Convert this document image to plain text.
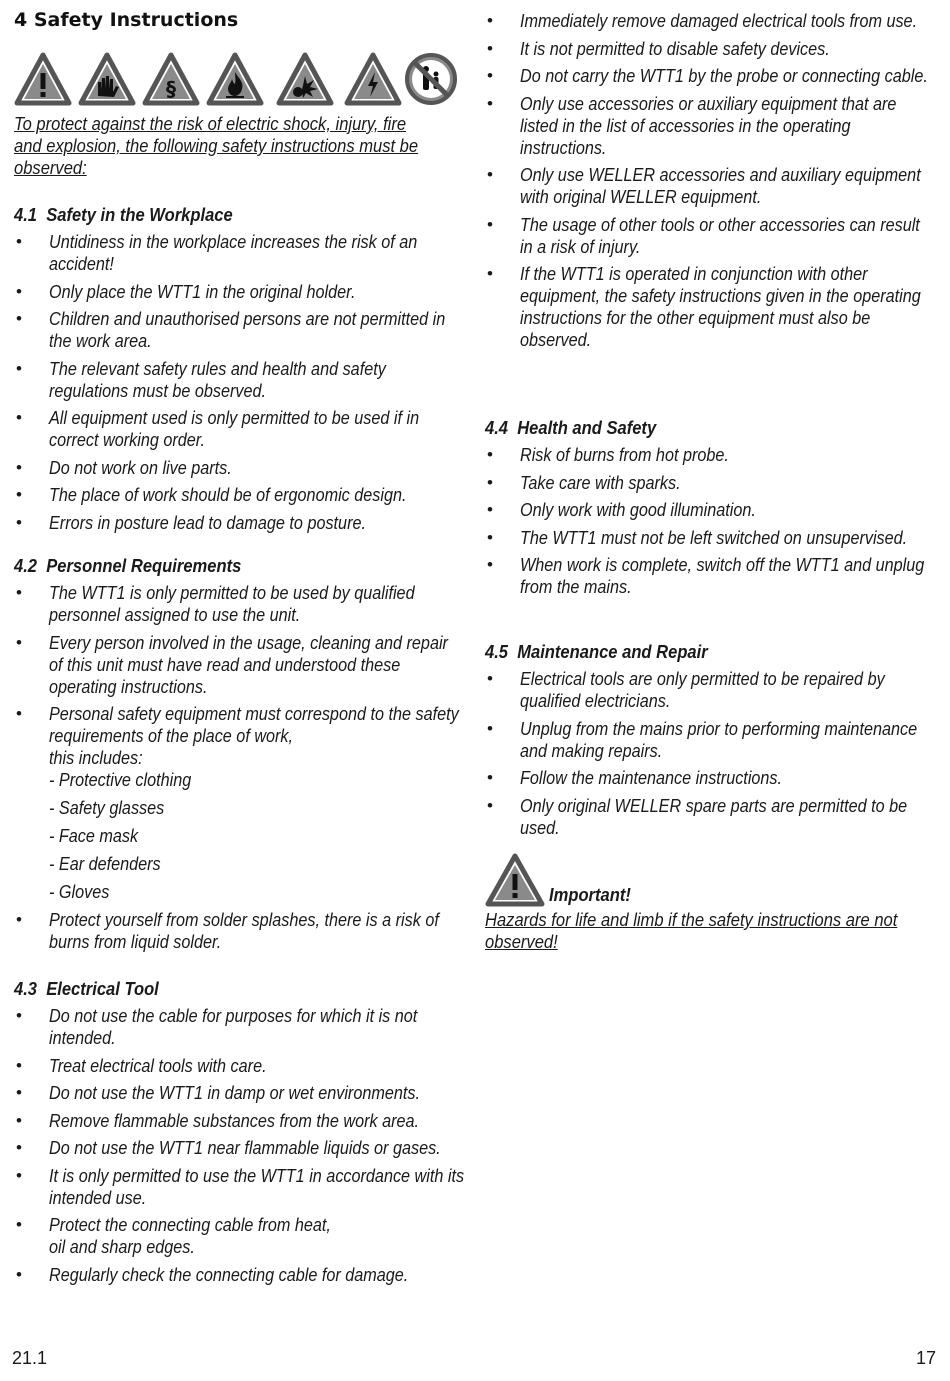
4 Safety Instructions
§
To protect against the risk of electric shock, injury, fire and explosion, the following safety instructions must be observed:
4.1 Safety in the Workplace
• Untidiness in the workplace increases the risk of an accident!
• Only place the WTT1 in the original holder.
• Children and unauthorised persons are not permitted in the work area.
• The relevant safety rules and health and safety regulations must be observed.
• All equipment used is only permitted to be used if in correct working order.
• Do not work on live parts.
• The place of work should be of ergonomic design.
• Errors in posture lead to damage to posture.
4.2 Personnel Requirements
• The WTT1 is only permitted to be used by qualified personnel assigned to use the unit.
• Every person involved in the usage, cleaning and repair of this unit must have read and understood these operating instructions.
• Personal safety equipment must correspond to the safety requirements of the place of work,
this includes:
- Protective clothing
- Safety glasses
- Face mask
- Ear defenders
- Gloves
• Protect yourself from solder splashes, there is a risk of burns from liquid solder.
4.3 Electrical Tool
• Do not use the cable for purposes for which it is not intended.
• Treat electrical tools with care.
• Do not use the WTT1 in damp or wet environments.
• Remove flammable substances from the work area.
• Do not use the WTT1 near flammable liquids or gases.
• It is only permitted to use the WTT1 in accordance with its intended use.
• Protect the connecting cable from heat,
oil and sharp edges.
• Regularly check the connecting cable for damage.
• Immediately remove damaged electrical tools from use.
• It is not permitted to disable safety devices.
• Do not carry the WTT1 by the probe or connecting cable.
• Only use accessories or auxiliary equipment that are listed in the list of accessories in the operating instructions.
• Only use WELLER accessories and auxiliary equipment with original WELLER equipment.
• The usage of other tools or other accessories can result in a risk of injury.
• If the WTT1 is operated in conjunction with other equipment, the safety instructions given in the operating instructions for the other equipment must also be observed.
4.4 Health and Safety
• Risk of burns from hot probe.
• Take care with sparks.
• Only work with good illumination.
• The WTT1 must not be left switched on unsupervised.
• When work is complete, switch off the WTT1 and unplug from the mains.
4.5 Maintenance and Repair
• Electrical tools are only permitted to be repaired by qualified electricians.
• Unplug from the mains prior to performing maintenance and making repairs.
• Follow the maintenance instructions.
• Only original WELLER spare parts are permitted to be used.
Important!
Hazards for life and limb if the safety instructions are not observed!
21.1	17
